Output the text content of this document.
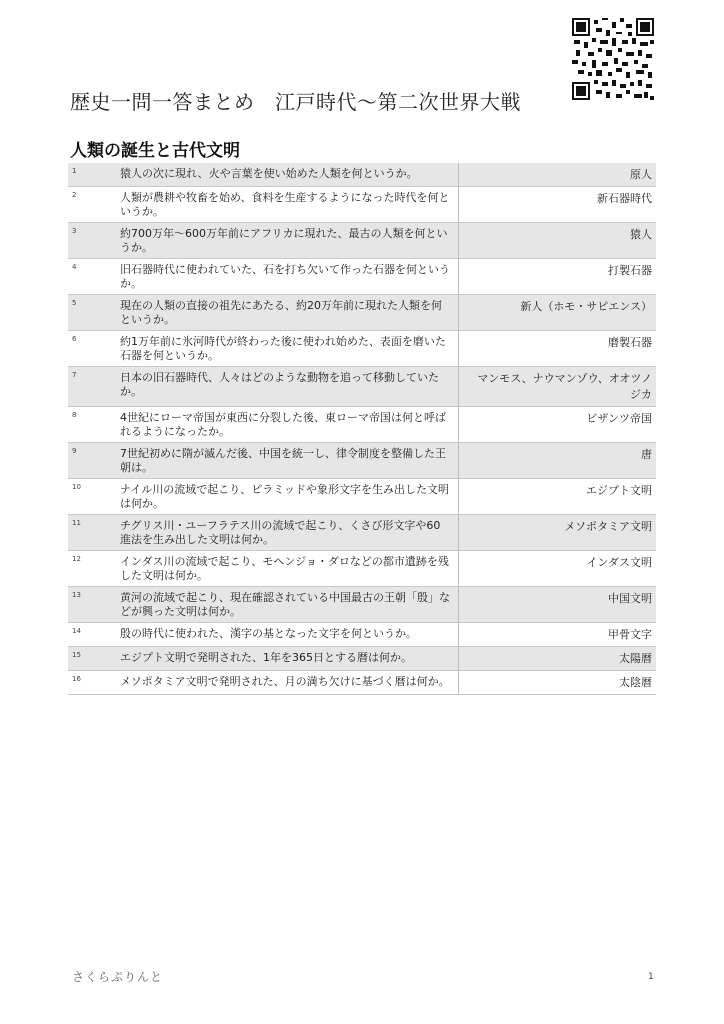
歴史一問一答まとめ　江戸時代～第二次世界大戦
人類の誕生と古代文明
1	猿人の次に現れ、火や言葉を使い始めた人類を何というか。		原人
2	人類が農耕や牧畜を始め、食料を生産するようになった時代を何というか。		新石器時代
3	約700万年～600万年前にアフリカに現れた、最古の人類を何というか。		猿人
4	旧石器時代に使われていた、石を打ち欠いて作った石器を何というか。		打製石器
5	現在の人類の直接の祖先にあたる、約20万年前に現れた人類を何というか。		新人（ホモ・サピエンス）
6	約1万年前に氷河時代が終わった後に使われ始めた、表面を磨いた石器を何というか。		磨製石器
7	日本の旧石器時代、人々はどのような動物を追って移動していたか。		マンモス、ナウマンゾウ、オオツノジカ
8	4世紀にローマ帝国が東西に分裂した後、東ローマ帝国は何と呼ばれるようになったか。		ビザンツ帝国
9	7世紀初めに隋が滅んだ後、中国を統一し、律令制度を整備した王朝は。		唐
10	ナイル川の流域で起こり、ピラミッドや象形文字を生み出した文明は何か。		エジプト文明
11	チグリス川・ユーフラテス川の流域で起こり、くさび形文字や60進法を生み出した文明は何か。		メソポタミア文明
12	インダス川の流域で起こり、モヘンジョ・ダロなどの都市遺跡を残した文明は何か。		インダス文明
13	黄河の流域で起こり、現在確認されている中国最古の王朝「殷」などが興った文明は何か。		中国文明
14	殷の時代に使われた、漢字の基となった文字を何というか。		甲骨文字
15	エジプト文明で発明された、1年を365日とする暦は何か。		太陽暦
16	メソポタミア文明で発明された、月の満ち欠けに基づく暦は何か。		太陰暦
さくらぷりんと	1
